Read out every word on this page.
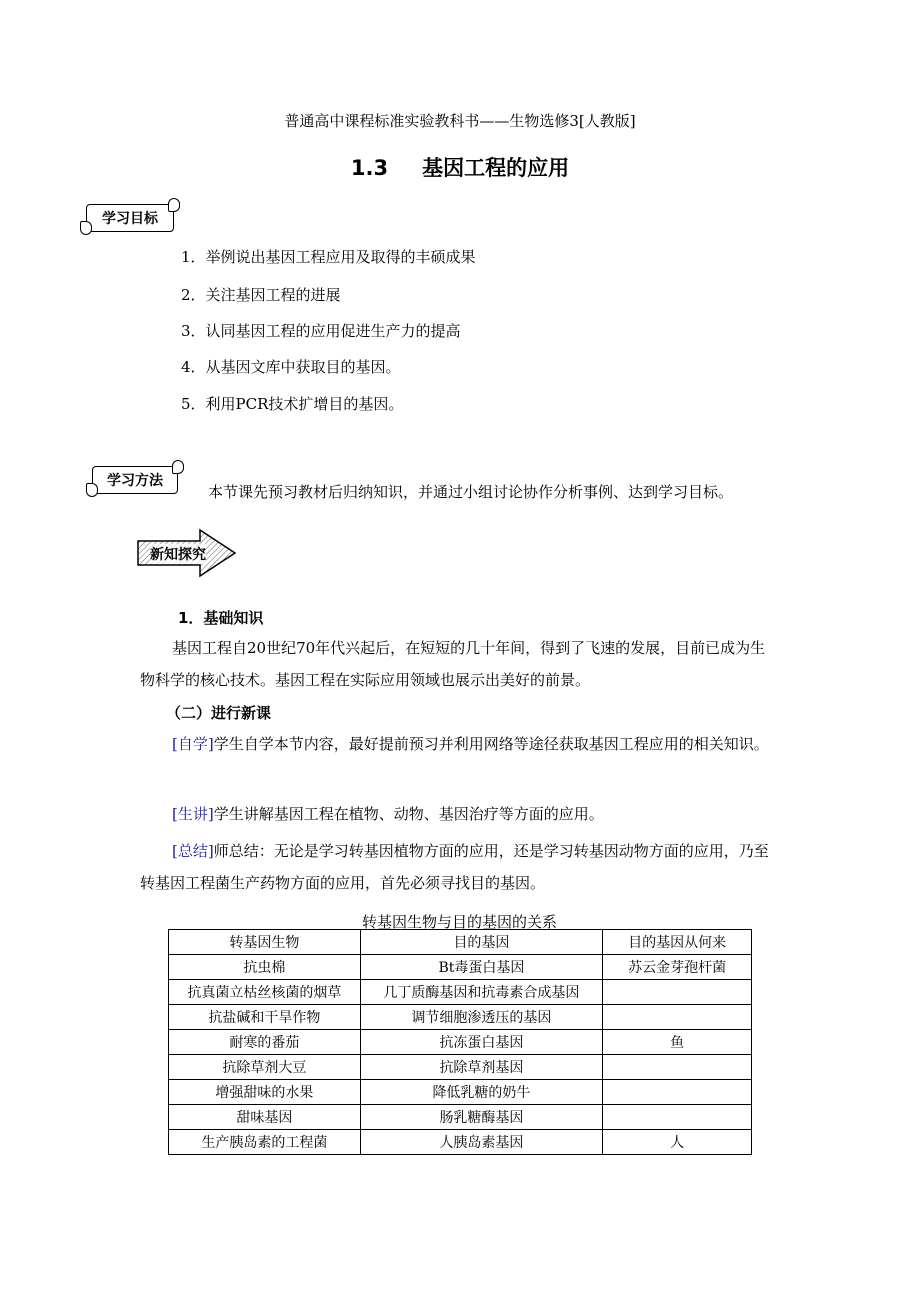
普通高中课程标准实验教科书——生物选修3[人教版]
1.3 基因工程的应用
学习目标
1．举例说出基因工程应用及取得的丰硕成果
2．关注基因工程的进展
3．认同基因工程的应用促进生产力的提高
4．从基因文库中获取目的基因。
5．利用PCR技术扩增目的基因。
学习方法
本节课先预习教材后归纳知识，并通过小组讨论协作分析事例、达到学习目标。
新知探究
1．基础知识
基因工程自20世纪70年代兴起后，在短短的几十年间，得到了飞速的发展，目前已成为生物科学的核心技术。基因工程在实际应用领域也展示出美好的前景。
（二）进行新课
[自学]学生自学本节内容，最好提前预习并利用网络等途径获取基因工程应用的相关知识。
[生讲]学生讲解基因工程在植物、动物、基因治疗等方面的应用。
[总结]师总结：无论是学习转基因植物方面的应用，还是学习转基因动物方面的应用，乃至转基因工程菌生产药物方面的应用，首先必须寻找目的基因。
转基因生物与目的基因的关系
转基因生物	目的基因	目的基因从何来
抗虫棉	Bt毒蛋白基因	苏云金芽孢杆菌
抗真菌立枯丝核菌的烟草	几丁质酶基因和抗毒素合成基因	
抗盐碱和干旱作物	调节细胞渗透压的基因	
耐寒的番茄	抗冻蛋白基因	鱼
抗除草剂大豆	抗除草剂基因	
增强甜味的水果	降低乳糖的奶牛	
甜味基因	肠乳糖酶基因	
生产胰岛素的工程菌	人胰岛素基因	人
